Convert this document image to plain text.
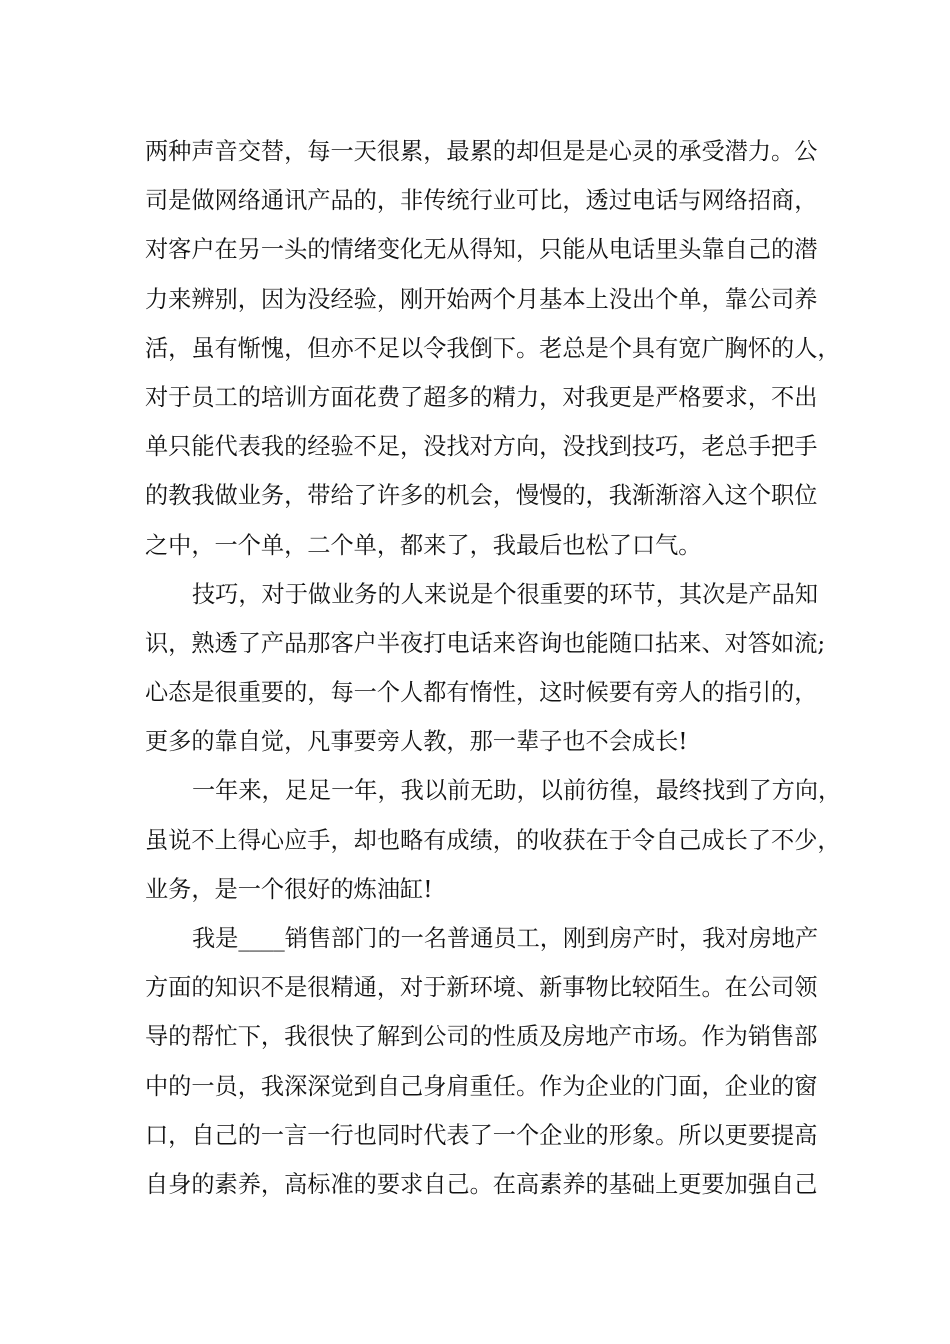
两种声音交替，每一天很累，最累的却但是是心灵的承受潜力。公
司是做网络通讯产品的，非传统行业可比，透过电话与网络招商，
对客户在另一头的情绪变化无从得知，只能从电话里头靠自己的潜
力来辨别，因为没经验，刚开始两个月基本上没出个单，靠公司养
活，虽有惭愧，但亦不足以令我倒下。老总是个具有宽广胸怀的人，
对于员工的培训方面花费了超多的精力，对我更是严格要求，不出
单只能代表我的经验不足，没找对方向，没找到技巧，老总手把手
的教我做业务，带给了许多的机会，慢慢的，我渐渐溶入这个职位
之中，一个单，二个单，都来了，我最后也松了口气。
技巧，对于做业务的人来说是个很重要的环节，其次是产品知
识，熟透了产品那客户半夜打电话来咨询也能随口拈来、对答如流;
心态是很重要的，每一个人都有惰性，这时候要有旁人的指引的，
更多的靠自觉，凡事要旁人教，那一辈子也不会成长!
一年来，足足一年，我以前无助，以前彷徨，最终找到了方向，
虽说不上得心应手，却也略有成绩，的收获在于令自己成长了不少，
业务，是一个很好的炼油缸!
我是____销售部门的一名普通员工，刚到房产时，我对房地产
方面的知识不是很精通，对于新环境、新事物比较陌生。在公司领
导的帮忙下，我很快了解到公司的性质及房地产市场。作为销售部
中的一员，我深深觉到自己身肩重任。作为企业的门面，企业的窗
口，自己的一言一行也同时代表了一个企业的形象。所以更要提高
自身的素养，高标准的要求自己。在高素养的基础上更要加强自己
